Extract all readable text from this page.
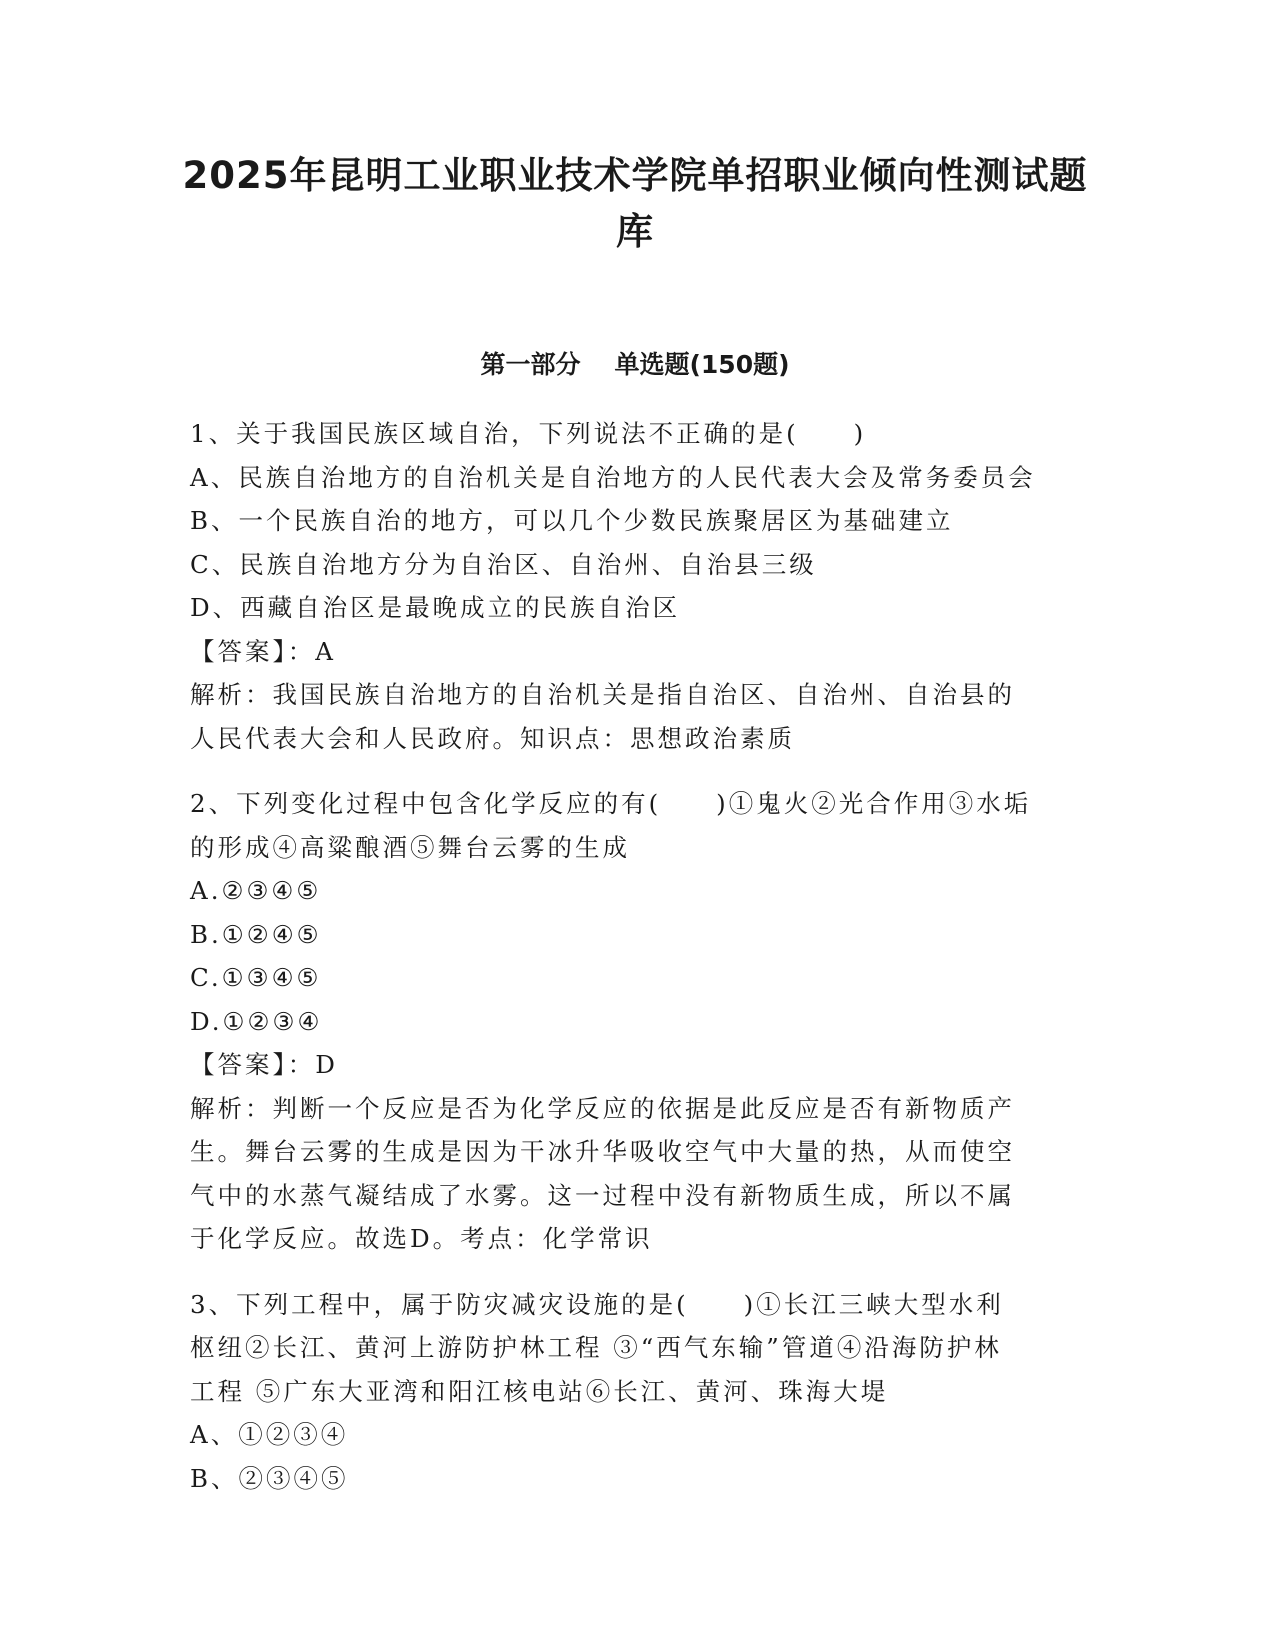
2025年昆明工业职业技术学院单招职业倾向性测试题
库
第一部分 单选题(150题)
1、关于我国民族区域自治，下列说法不正确的是(　　)
A、民族自治地方的自治机关是自治地方的人民代表大会及常务委员会
B、一个民族自治的地方，可以几个少数民族聚居区为基础建立
C、民族自治地方分为自治区、自治州、自治县三级
D、西藏自治区是最晚成立的民族自治区
【答案】：A
解析：我国民族自治地方的自治机关是指自治区、自治州、自治县的
人民代表大会和人民政府。知识点：思想政治素质
2、下列变化过程中包含化学反应的有(　　)①鬼火②光合作用③水垢
的形成④高粱酿酒⑤舞台云雾的生成
A.②③④⑤
B.①②④⑤
C.①③④⑤
D.①②③④
【答案】：D
解析：判断一个反应是否为化学反应的依据是此反应是否有新物质产
生。舞台云雾的生成是因为干冰升华吸收空气中大量的热，从而使空
气中的水蒸气凝结成了水雾。这一过程中没有新物质生成，所以不属
于化学反应。故选D。考点：化学常识
3、下列工程中，属于防灾减灾设施的是(　　)①长江三峡大型水利
枢纽②长江、黄河上游防护林工程 ③“西气东输”管道④沿海防护林
工程 ⑤广东大亚湾和阳江核电站⑥长江、黄河、珠海大堤
A、①②③④
B、②③④⑤
